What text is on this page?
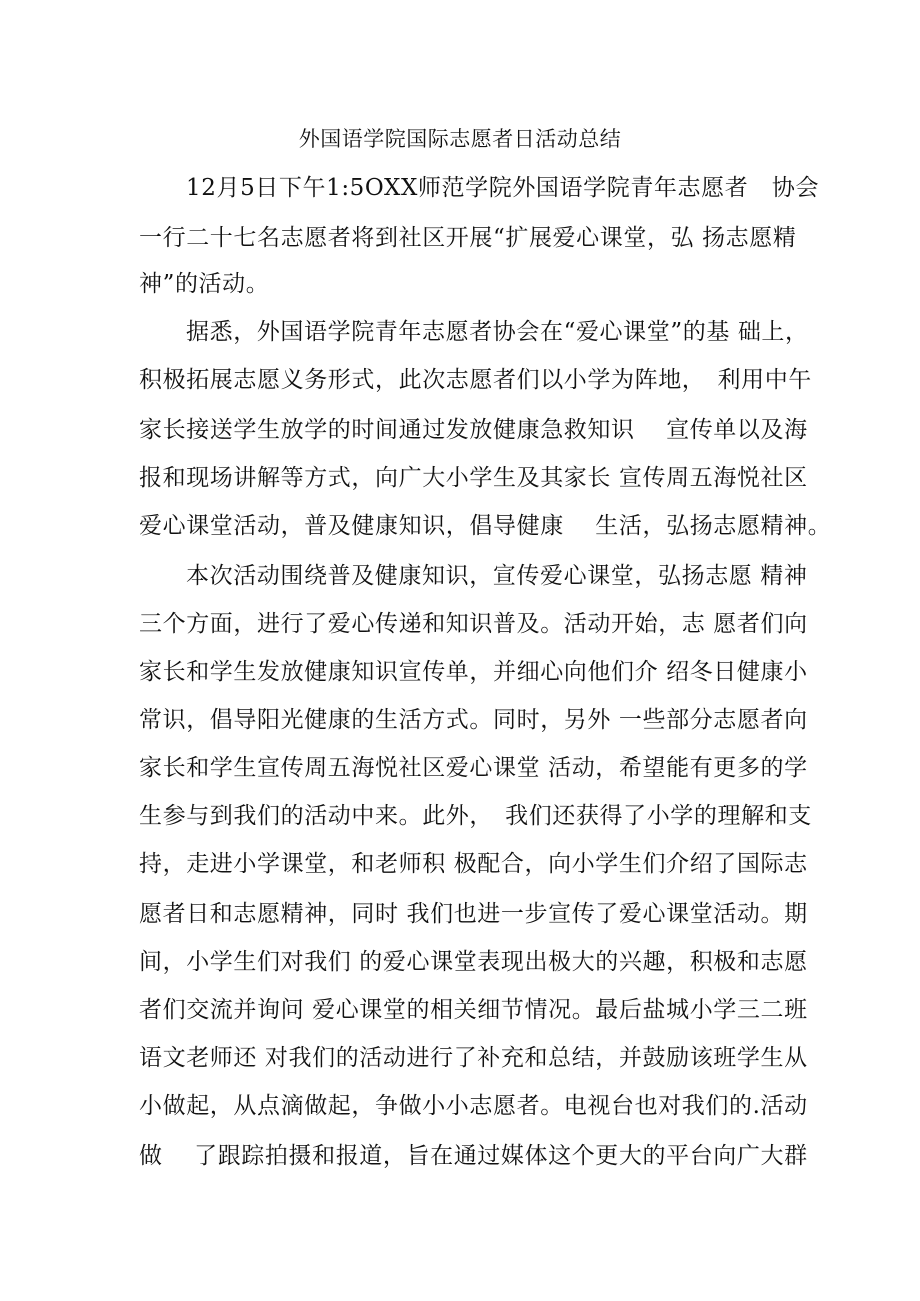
外国语学院国际志愿者日活动总结
12月5日下午1:5OXX师范学院外国语学院青年志愿者　协会
一行二十七名志愿者将到社区开展“扩展爱心课堂，弘 扬志愿精
神”的活动。
据悉，外国语学院青年志愿者协会在“爱心课堂”的基 础上，
积极拓展志愿义务形式，此次志愿者们以小学为阵地，　利用中午
家长接送学生放学的时间通过发放健康急救知识　 宣传单以及海
报和现场讲解等方式，向广大小学生及其家长 宣传周五海悦社区
爱心课堂活动，普及健康知识，倡导健康　 生活，弘扬志愿精神。
本次活动围绕普及健康知识，宣传爱心课堂，弘扬志愿 精神
三个方面，进行了爱心传递和知识普及。活动开始，志 愿者们向
家长和学生发放健康知识宣传单，并细心向他们介 绍冬日健康小
常识，倡导阳光健康的生活方式。同时，另外 一些部分志愿者向
家长和学生宣传周五海悦社区爱心课堂 活动，希望能有更多的学
生参与到我们的活动中来。此外，　我们还获得了小学的理解和支
持，走进小学课堂，和老师积 极配合，向小学生们介绍了国际志
愿者日和志愿精神，同时 我们也进一步宣传了爱心课堂活动。期
间，小学生们对我们 的爱心课堂表现出极大的兴趣，积极和志愿
者们交流并询问 爱心课堂的相关细节情况。最后盐城小学三二班
语文老师还 对我们的活动进行了补充和总结，并鼓励该班学生从
小做起，从点滴做起，争做小小志愿者。电视台也对我们的.活动
做　 了跟踪拍摄和报道，旨在通过媒体这个更大的平台向广大群
